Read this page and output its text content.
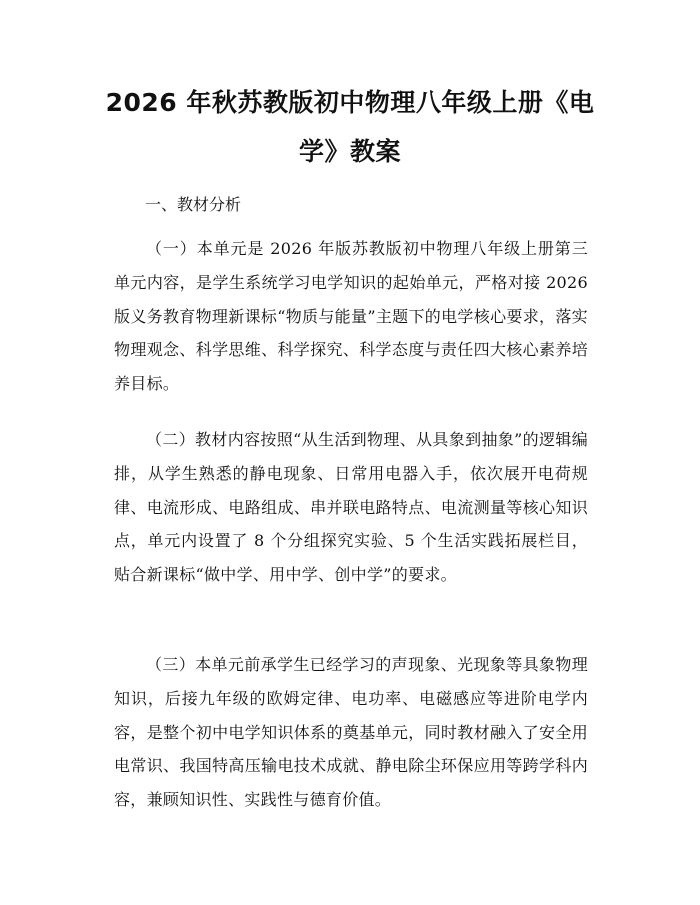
2026 年秋苏教版初中物理八年级上册《电学》教案
一、教材分析

（一）本单元是 2026 年版苏教版初中物理八年级上册第三单元内容，是学生系统学习电学知识的起始单元，严格对接 2026 版义务教育物理新课标“物质与能量”主题下的电学核心要求，落实物理观念、科学思维、科学探究、科学态度与责任四大核心素养培养目标。

（二）教材内容按照“从生活到物理、从具象到抽象”的逻辑编排，从学生熟悉的静电现象、日常用电器入手，依次展开电荷规律、电流形成、电路组成、串并联电路特点、电流测量等核心知识点，单元内设置了 8 个分组探究实验、5 个生活实践拓展栏目，贴合新课标“做中学、用中学、创中学”的要求。

（三）本单元前承学生已经学习的声现象、光现象等具象物理知识，后接九年级的欧姆定律、电功率、电磁感应等进阶电学内容，是整个初中电学知识体系的奠基单元，同时教材融入了安全用电常识、我国特高压输电技术成就、静电除尘环保应用等跨学科内容，兼顾知识性、实践性与德育价值。
